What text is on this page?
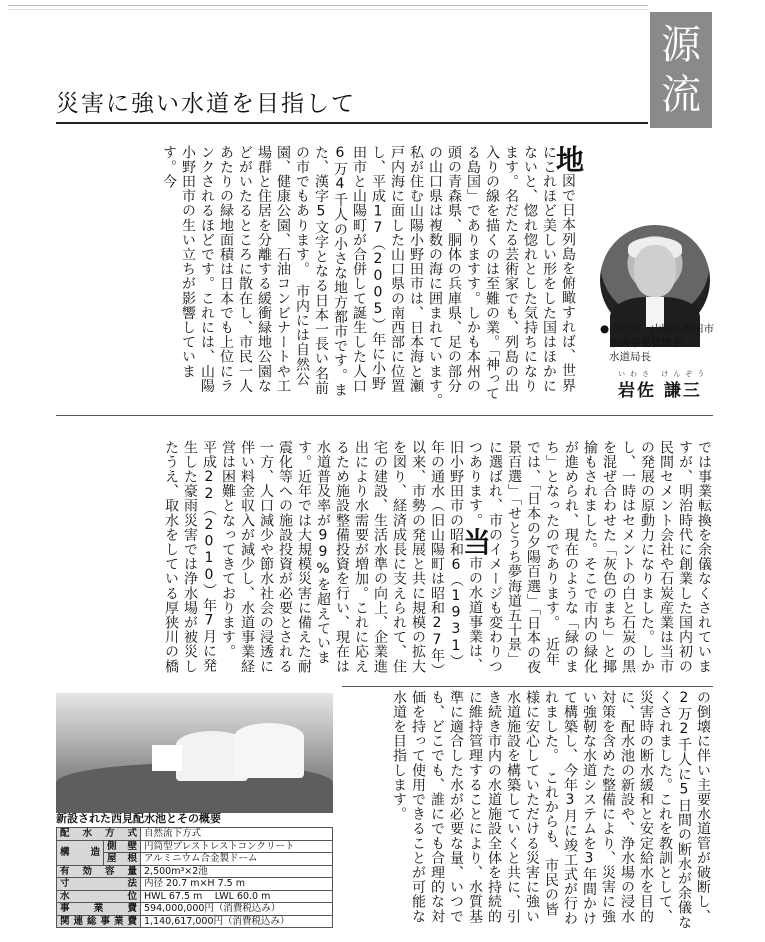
源
流
災害に強い水道を目指して
地図で日本列島を俯瞰すれば、世界にこれほど美しい形をした国はほかにないと、惚れ惚れとした気持ちになります。名だたる芸術家でも、列島の出入りの線を描くのは至難の業。「神ってる島国」でありますす。しかも本州の頭の青森県、胴体の兵庫県、足の部分の山口県は複数の海に囲まれています。　私が住む山陽小野田市は、日本海と瀬戸内海に面した山口県の南西部に位置し、平成17（2005）年に小野田市と山陽町が合併して誕生した人口6万4千人の小さな地方都市です。また、漢字5文字となる日本一長い名前の市でもあります。　市内には自然公園、健康公園、石油コンビナートや工場群と住居を分離する緩衝緑地公園などがいたるところに散在し、市民一人あたりの緑地面積は日本でも上位にランクされるほどです。これには、山陽小野田市の生い立ちが影響しています。今
●山口県・山陽小野田市
水道事業管理者
水道局長
いわさ けんぞう
岩佐 謙三
では事業転換を余儀なくされていますが、明治時代に創業した国内初の民間セメント会社や石炭産業は当市の発展の原動力になりました。しかし、一時はセメントの白と石炭の黒を混ぜ合わせた「灰色のまち」と揶揄もされました。そこで市内の緑化が進められ、現在のような「緑のまち」となったのであります。　近年では、「日本の夕陽百選」「日本の夜景百選」「せとうち夢海道五十景」に選ばれ、市のイメージも変わりつつあります。当市の水道事業は、旧小野田市の昭和6（1931）年の通水（旧山陽町は昭和27年）以来、市勢の発展と共に規模の拡大を図り、経済成長に支えられて、住宅の建設、生活水準の向上、企業進出により水需要が増加。これに応えるため施設整備投資を行い、現在は水道普及率が99%を超えています。近年では大規模災害に備えた耐震化等への施設投資が必要とされる一方、人口減少や節水社会の浸透に伴い料金収入が減少し、水道事業経営は困難となってきております。　平成22（2010）年7月に発生した豪雨災害では浄水場が被災したうえ、取水をしている厚狭川の橋
の倒壊に伴い主要水道管が破断し、2万2千人に5日間の断水が余儀なくされました。これを教訓として、災害時の断水緩和と安定給水を目的に、配水池の新設や、浄水場の浸水対策を含めた整備により、災害に強い強靭な水道システムを3年間かけて構築し、今年3月に竣工式が行われました。　これからも、市民の皆様に安心していただける災害に強い水道施設を構築していくと共に、引き続き市内の水道施設全体を持続的に維持管理することにより、水質基準に適合した水が必要な量、いつでも、どこでも、誰にでも合理的な対価を持って使用できることが可能な水道を目指します。
新設された西見配水池とその概要
配水方式		自然流下方式
構造	側壁	円筒型プレストレストコンクリート
	屋根	アルミニウム合金製ドーム
有効容量		2,500m³×2池
寸法		内径 20.7 m×H 7.5 m
水位		HWL 67.5 m　 LWL 60.0 m
事業費		594,000,000円（消費税込み）
関連総事業費		1,140,617,000円（消費税込み）
